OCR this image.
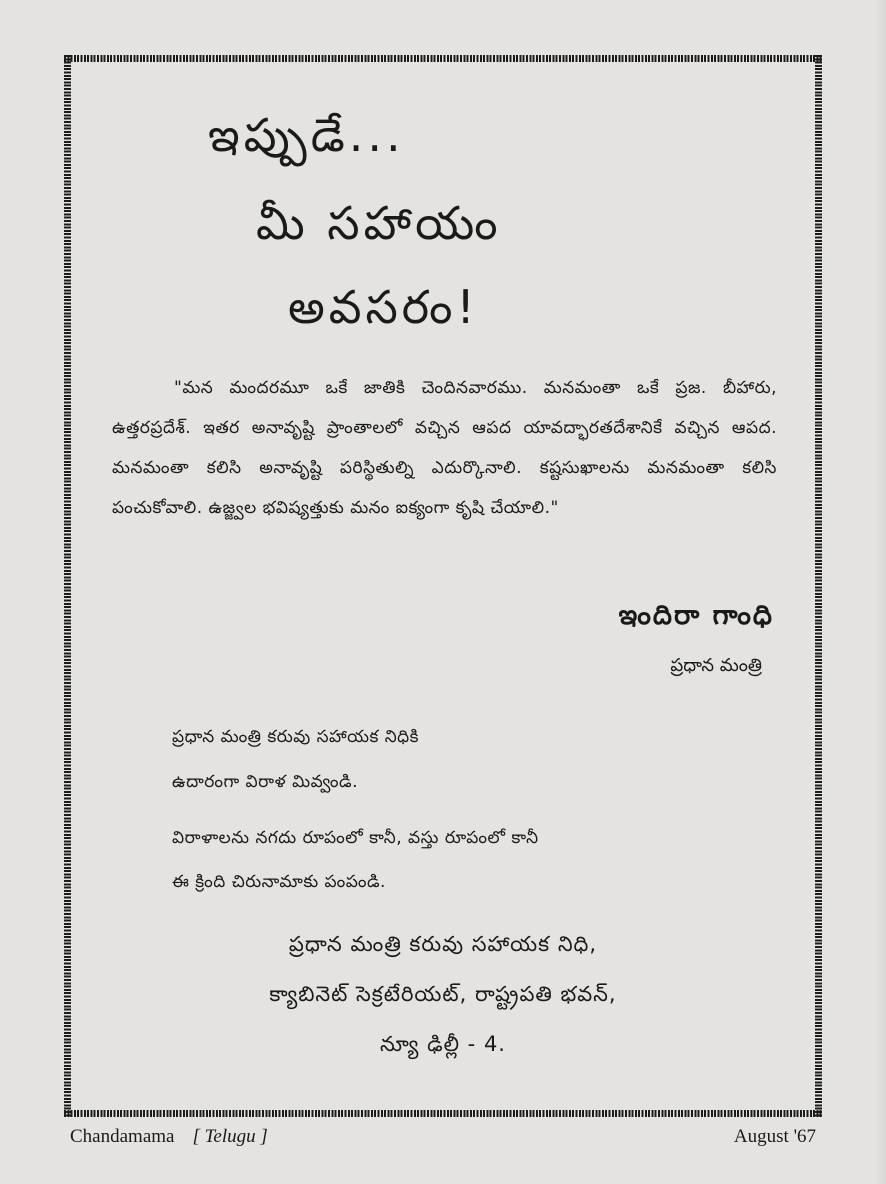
ఇప్పుడే...
మీ సహాయం
అవసరం!

"మన మందరమూ ఒకే జాతికి చెందినవారము. మనమంతా ఒకే ప్రజ. బీహారు, ఉత్తరప్రదేశ్. ఇతర అనావృష్టి ప్రాంతాలలో వచ్చిన ఆపద యావద్భారతదేశానికే వచ్చిన ఆపద. మనమంతా కలిసి అనావృష్టి పరిస్థితుల్ని ఎదుర్కొనాలి. కష్టసుఖాలను మనమంతా కలిసి పంచుకోవాలి. ఉజ్జ్వల భవిష్యత్తుకు మనం ఐక్యంగా కృషి చేయాలి."

ఇందిరా గాంధి

ప్రధాన మంత్రి

ప్రధాన మంత్రి కరువు సహాయక నిధికి

ఉదారంగా విరాళ మివ్వండి.

విరాళాలను నగదు రూపంలో కానీ, వస్తు రూపంలో కానీ

ఈ క్రింది చిరునామాకు పంపండి.

ప్రధాన మంత్రి కరువు సహాయక నిధి,

క్యాబినెట్ సెక్రటేరియట్, రాష్ట్రపతి భవన్,

న్యూ ఢిల్లీ - 4.

Chandamama [ Telugu ]	August '67
